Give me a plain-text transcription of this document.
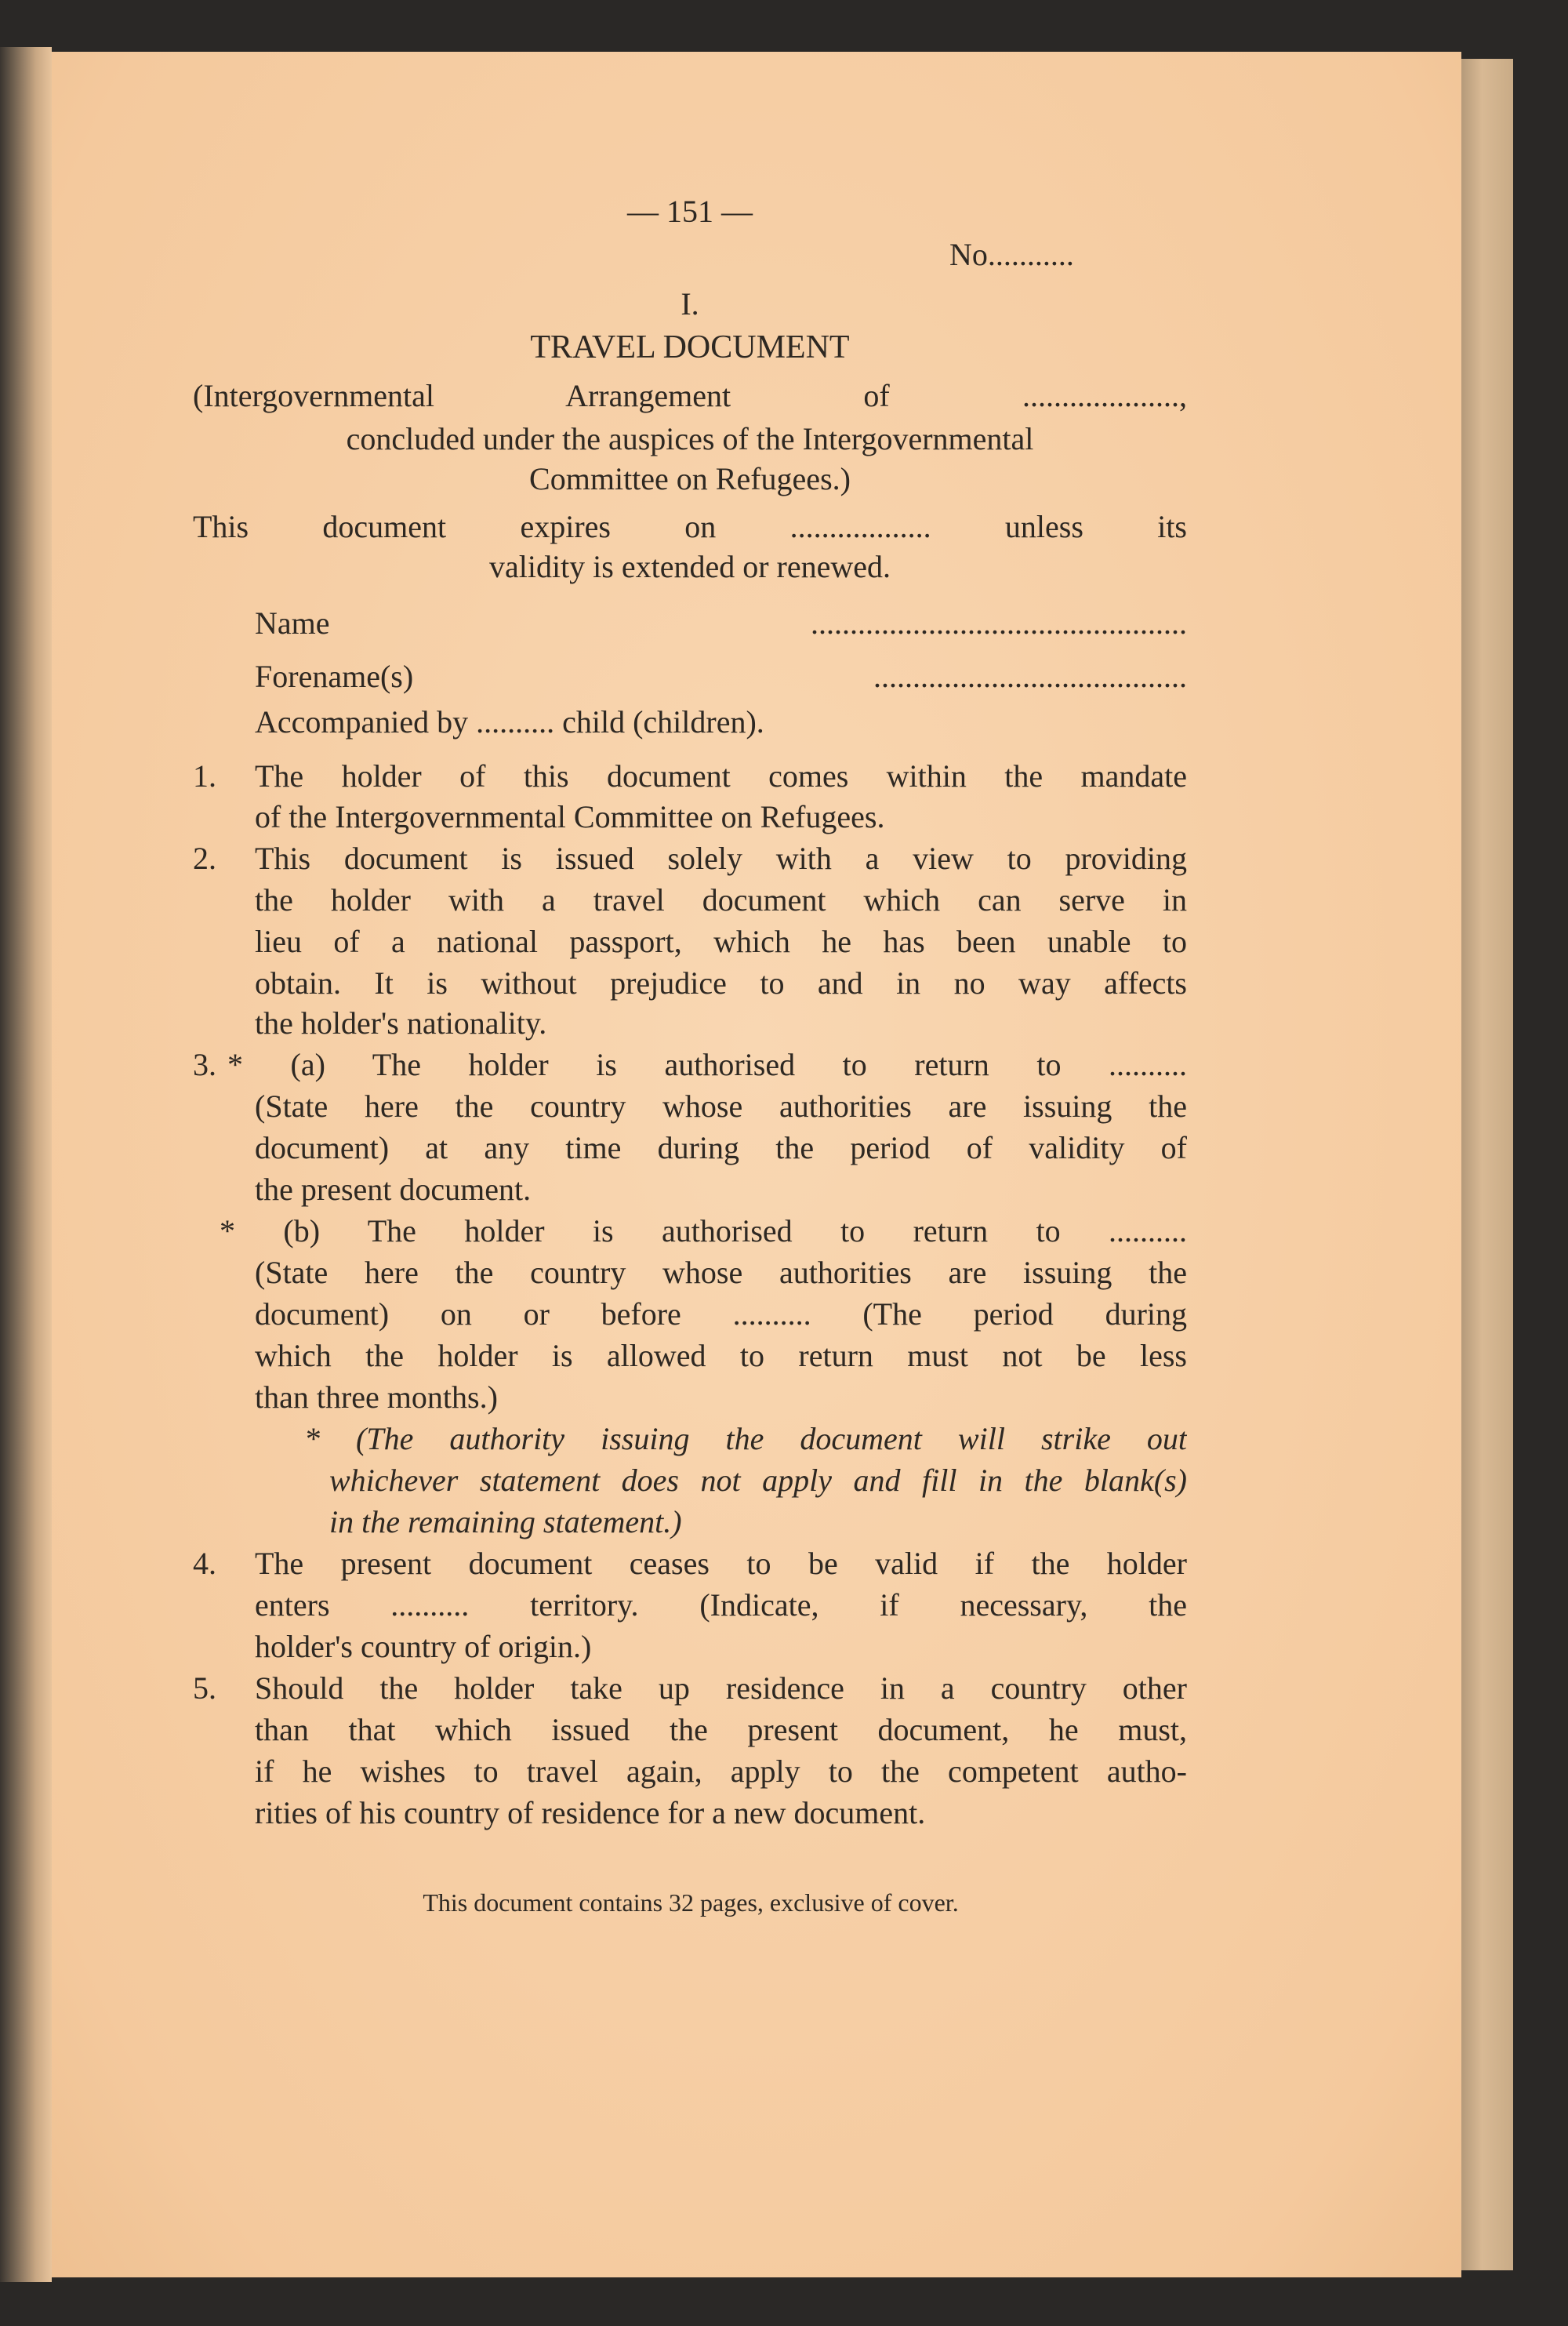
— 151 —
No...........
I.
TRAVEL DOCUMENT
(Intergovernmental Arrangement of ....................,
concluded under the auspices of the Intergovernmental
Committee on Refugees.)
This document expires on .................. unless its
validity is extended or renewed.
Name ................................................
Forename(s) ........................................
Accompanied by .......... child (children).
1. The holder of this document comes within the mandate
of the Intergovernmental Committee on Refugees.
2. This document is issued solely with a view to providing
the holder with a travel document which can serve in
lieu of a national passport, which he has been unable to
obtain. It is without prejudice to and in no way affects
the holder's nationality.
3. * (a) The holder is authorised to return to ..........
(State here the country whose authorities are issuing the
document) at any time during the period of validity of
the present document.
* (b) The holder is authorised to return to ..........
(State here the country whose authorities are issuing the
document) on or before .......... (The period during
which the holder is allowed to return must not be less
than three months.)
* (The authority issuing the document will strike out
whichever statement does not apply and fill in the blank(s)
in the remaining statement.)
4. The present document ceases to be valid if the holder
enters .......... territory. (Indicate, if necessary, the
holder's country of origin.)
5. Should the holder take up residence in a country other
than that which issued the present document, he must,
if he wishes to travel again, apply to the competent autho-
rities of his country of residence for a new document.
This document contains 32 pages, exclusive of cover.
